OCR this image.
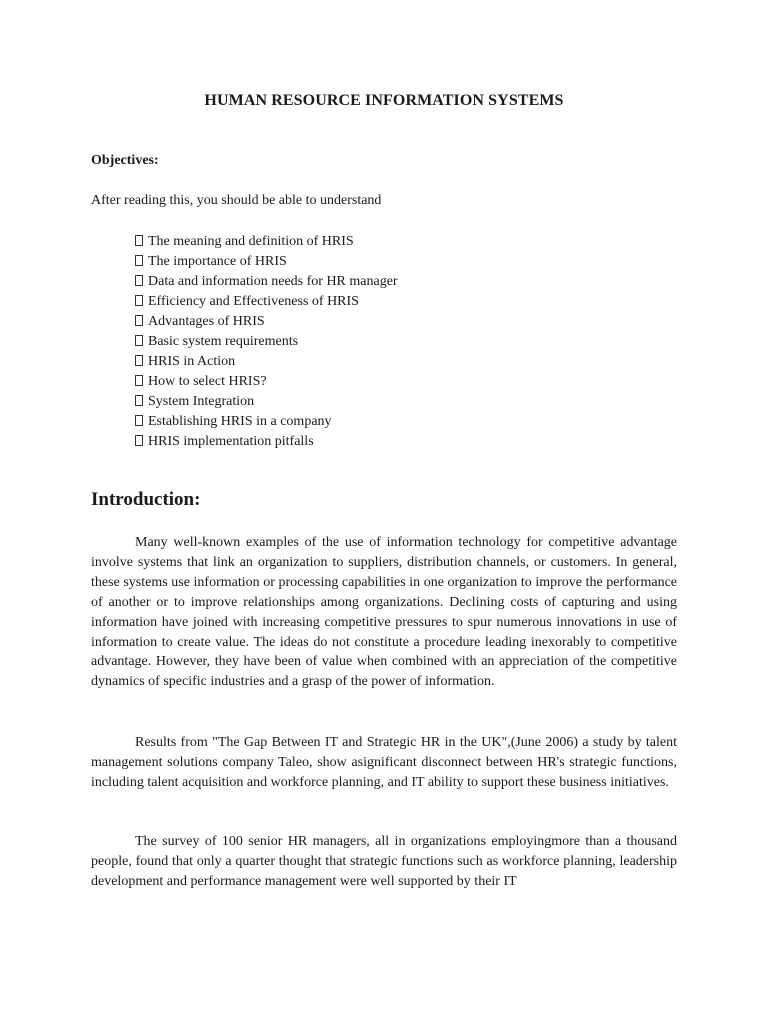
HUMAN RESOURCE INFORMATION SYSTEMS
Objectives:

After reading this, you should be able to understand

The meaning and definition of HRIS
The importance of HRIS
Data and information needs for HR manager
Efficiency and Effectiveness of HRIS
Advantages of HRIS
Basic system requirements
HRIS in Action
How to select HRIS?
System Integration
Establishing HRIS in a company
HRIS implementation pitfalls
Introduction:

Many well-known examples of the use of information technology for competitive advantage involve systems that link an organization to suppliers, distribution channels, or customers. In general, these systems use information or processing capabilities in one organization to improve the performance of another or to improve relationships among organizations. Declining costs of capturing and using information have joined with increasing competitive pressures to spur numerous innovations in use of information to create value. The ideas do not constitute a procedure leading inexorably to competitive advantage. However, they have been of value when combined with an appreciation of the competitive dynamics of specific industries and a grasp of the power of information.

Results from "The Gap Between IT and Strategic HR in the UK",(June 2006) a study by talent management solutions company Taleo, show asignificant disconnect between HR's strategic functions, including talent acquisition and workforce planning, and IT ability to support these business initiatives.

The survey of 100 senior HR managers, all in organizations employingmore than a thousand people, found that only a quarter thought that strategic functions such as workforce planning, leadership development and performance management were well supported by their IT
